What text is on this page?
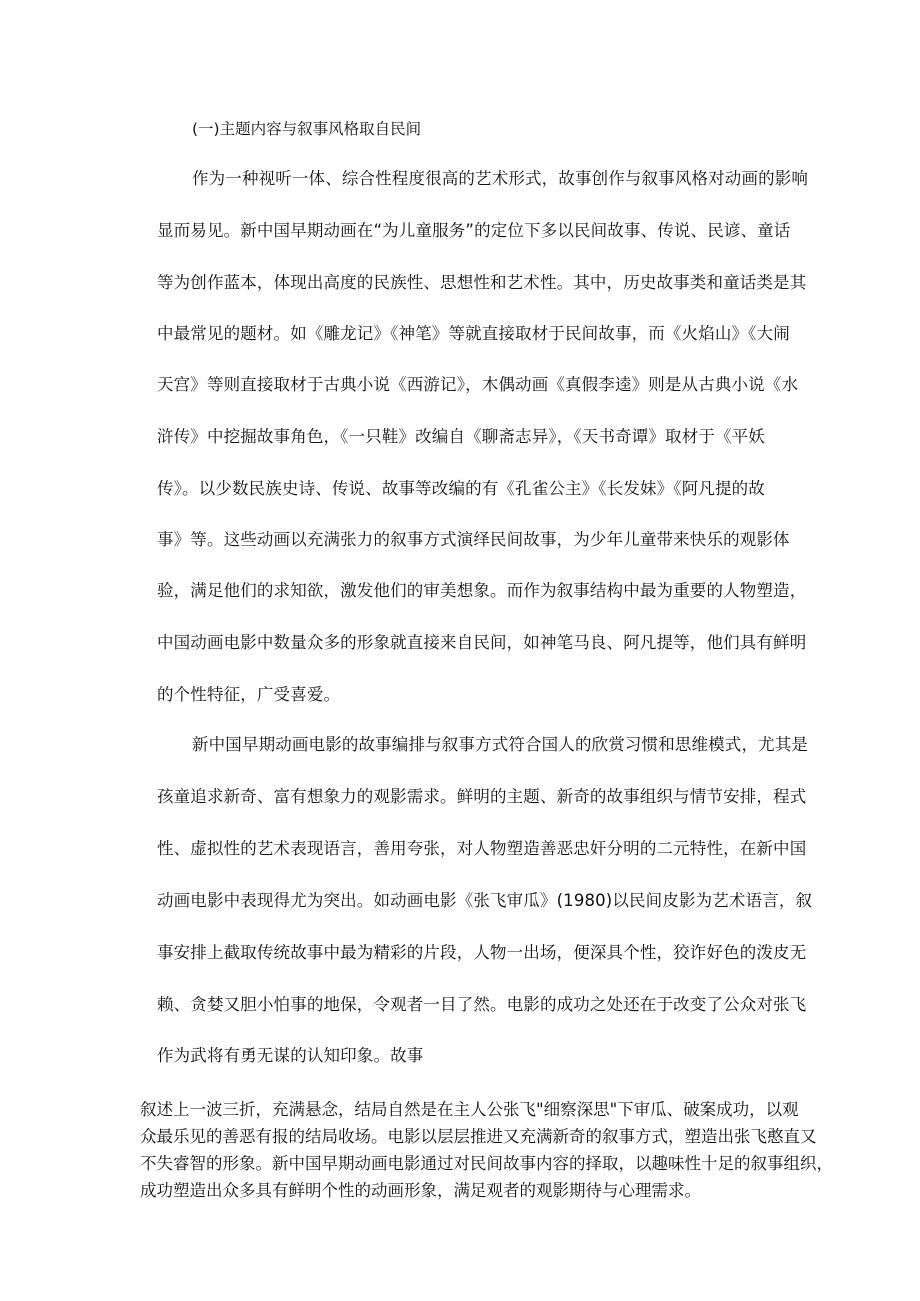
(一)主题内容与叙事风格取自民间
作为一种视听一体、综合性程度很高的艺术形式，故事创作与叙事风格对动画的影响
显而易见。新中国早期动画在“为儿童服务”的定位下多以民间故事、传说、民谚、童话
等为创作蓝本，体现出高度的民族性、思想性和艺术性。其中，历史故事类和童话类是其
中最常见的题材。如《雕龙记》《神笔》等就直接取材于民间故事，而《火焰山》《大闹
天宫》等则直接取材于古典小说《西游记》，木偶动画《真假李逵》则是从古典小说《水
浒传》中挖掘故事角色，《一只鞋》改编自《聊斋志异》，《天书奇谭》取材于《平妖
传》。以少数民族史诗、传说、故事等改编的有《孔雀公主》《长发妹》《阿凡提的故
事》等。这些动画以充满张力的叙事方式演绎民间故事，为少年儿童带来快乐的观影体
验，满足他们的求知欲，激发他们的审美想象。而作为叙事结构中最为重要的人物塑造，
中国动画电影中数量众多的形象就直接来自民间，如神笔马良、阿凡提等，他们具有鲜明
的个性特征，广受喜爱。
新中国早期动画电影的故事编排与叙事方式符合国人的欣赏习惯和思维模式，尤其是
孩童追求新奇、富有想象力的观影需求。鲜明的主题、新奇的故事组织与情节安排，程式
性、虚拟性的艺术表现语言，善用夸张，对人物塑造善恶忠奸分明的二元特性，在新中国
动画电影中表现得尤为突出。如动画电影《张飞审瓜》(1980)以民间皮影为艺术语言，叙
事安排上截取传统故事中最为精彩的片段，人物一出场，便深具个性，狡诈好色的泼皮无
赖、贪婪又胆小怕事的地保，令观者一目了然。电影的成功之处还在于改变了公众对张飞
作为武将有勇无谋的认知印象。故事
叙述上一波三折，充满悬念，结局自然是在主人公张飞"细察深思"下审瓜、破案成功，以观
众最乐见的善恶有报的结局收场。电影以层层推进又充满新奇的叙事方式，塑造出张飞憨直又
不失睿智的形象。新中国早期动画电影通过对民间故事内容的择取，以趣味性十足的叙事组织，
成功塑造出众多具有鲜明个性的动画形象，满足观者的观影期待与心理需求。
